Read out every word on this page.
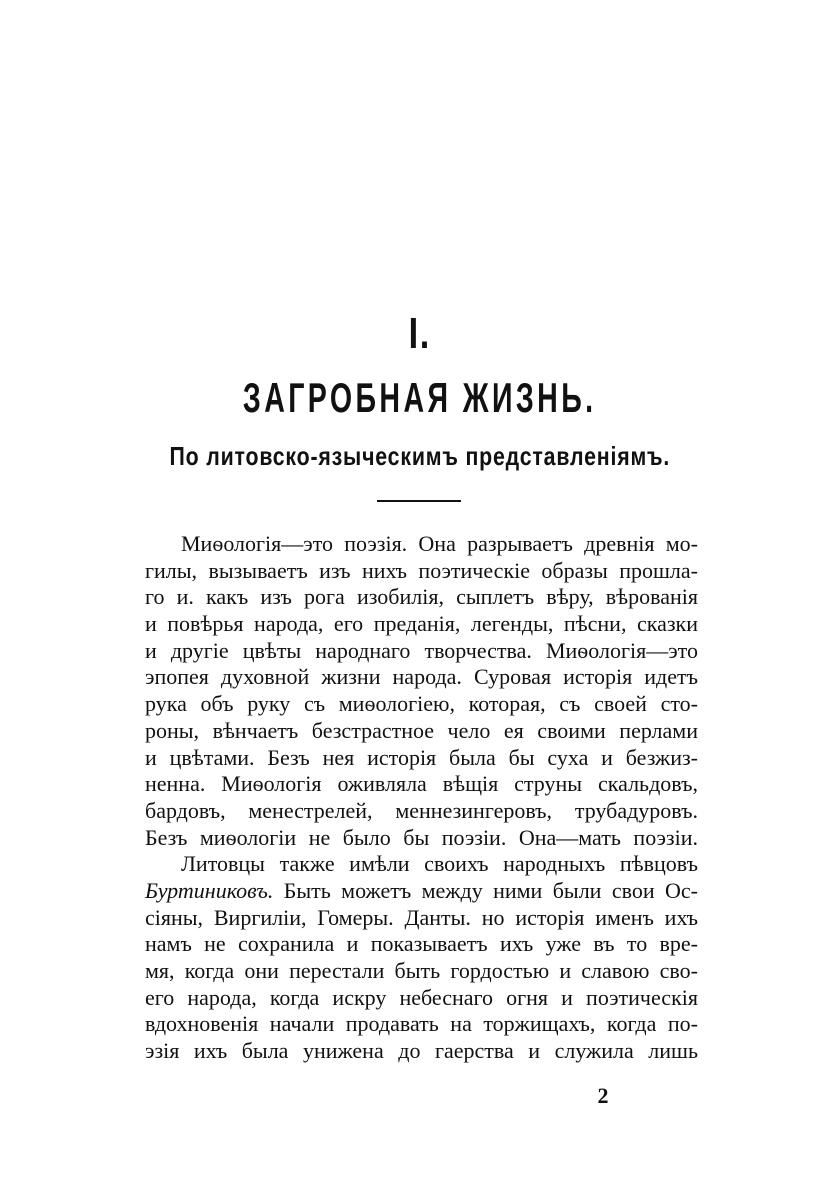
I.
ЗАГРОБНАЯ ЖИЗНЬ.
По литовско-языческимъ представленіямъ.
Миѳологія—это поэзія. Она разрываетъ древнія мо-
гилы, вызываетъ изъ нихъ поэтическіе образы прошла-
го и. какъ изъ рога изобилія, сыплетъ вѣру, вѣрованія
и повѣрья народа, его преданія, легенды, пѣсни, сказки
и другіе цвѣты народнаго творчества. Миѳологія—это
эпопея духовной жизни народа. Суровая исторія идетъ
рука объ руку съ миѳологіею, которая, съ своей сто-
роны, вѣнчаетъ безстрастное чело ея своими перлами
и цвѣтами. Безъ нея исторія была бы суха и безжиз-
ненна. Миѳологія оживляла вѣщія струны скальдовъ,
бардовъ, менестрелей, меннезингеровъ, трубадуровъ.
Безъ миѳологіи не было бы поэзіи. Она—мать поэзіи.
Литовцы также имѣли своихъ народныхъ пѣвцовъ
Буртиниковъ. Быть можетъ между ними были свои Ос-
сіяны, Виргиліи, Гомеры. Данты. но исторія именъ ихъ
намъ не сохранила и показываетъ ихъ уже въ то вре-
мя, когда они перестали быть гордостью и славою сво-
его народа, когда искру небеснаго огня и поэтическія
вдохновенія начали продавать на торжищахъ, когда по-
эзія ихъ была унижена до гаерства и служила лишь
2
